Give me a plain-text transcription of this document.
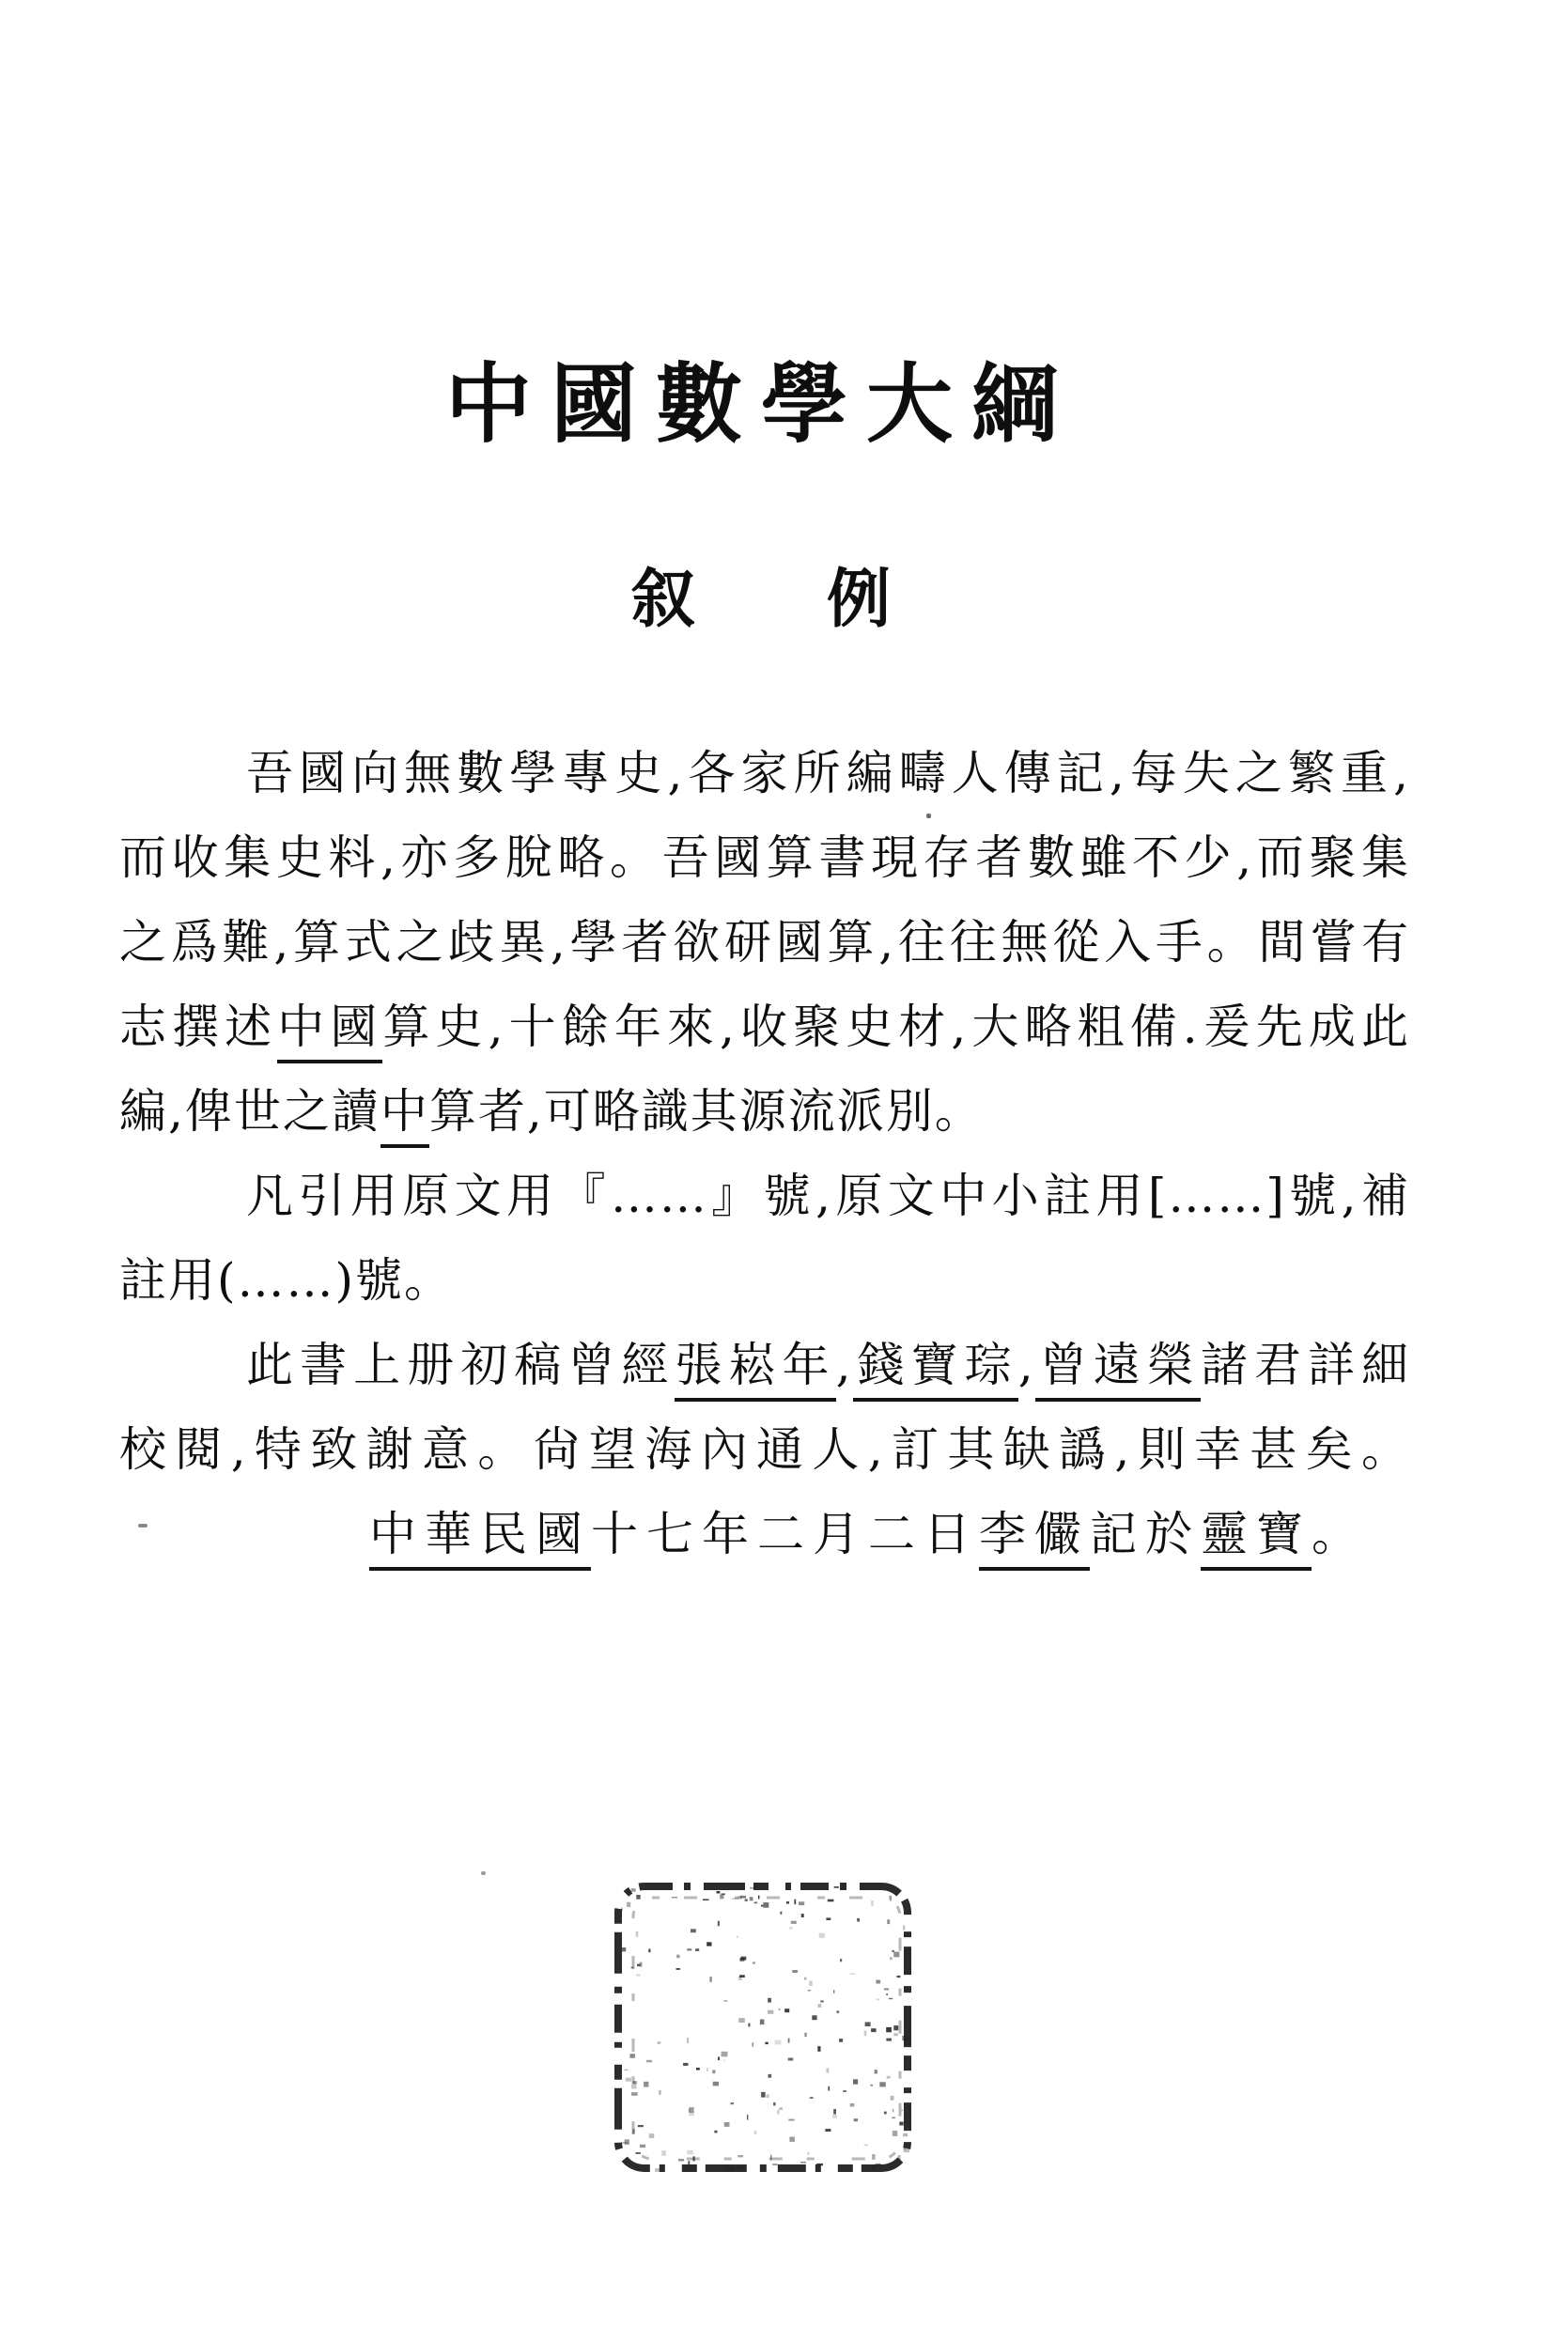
中國數學大綱
叙 例
吾國向無數學專史,各家所編疇人傳記,每失之繁重,
而收集史料,亦多脫略。吾國算書現存者數雖不少,而聚集
之爲難,算式之歧異,學者欲研國算,往往無從入手。間嘗有
志撰述中國算史,十餘年來,收聚史材,大略粗備.爰先成此
編,俾世之讀中算者,可略識其源流派別。
凡引用原文用『……』號,原文中小註用[……]號,補
註用(……)號。
此書上册初稿曾經張崧年,錢寶琮,曾遠榮諸君詳細
校閱,特致謝意。尙望海內通人,訂其缺譌,則幸甚矣。
中華民國十七年二月二日李儼記於靈寶。
